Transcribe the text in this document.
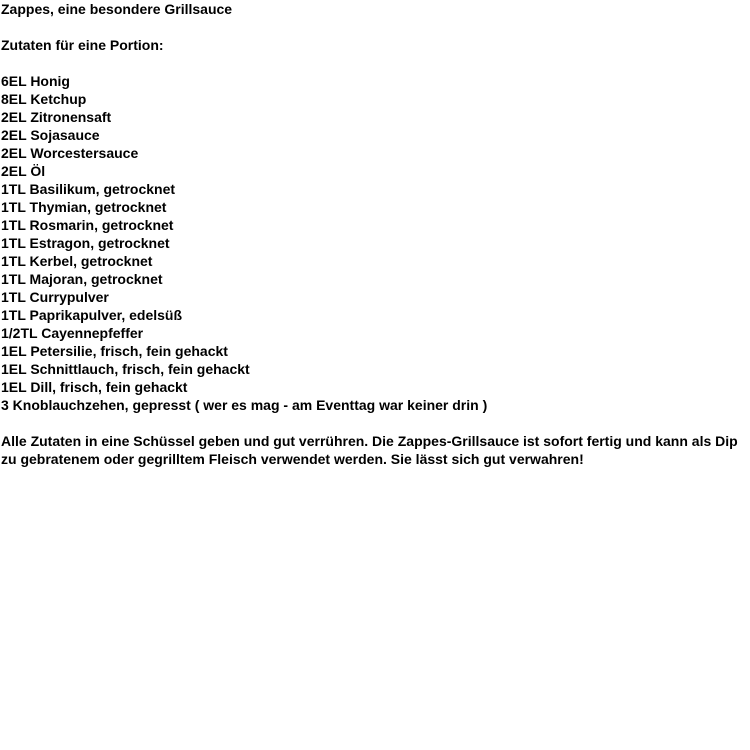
Zappes, eine besondere Grillsauce
Zutaten für eine Portion:
6EL Honig
8EL Ketchup
2EL Zitronensaft
2EL Sojasauce
2EL Worcestersauce
2EL Öl
1TL Basilikum, getrocknet
1TL Thymian, getrocknet
1TL Rosmarin, getrocknet
1TL Estragon, getrocknet
1TL Kerbel, getrocknet
1TL Majoran, getrocknet
1TL Currypulver
1TL Paprikapulver, edelsüß
1/2TL Cayennepfeffer
1EL Petersilie, frisch, fein gehackt
1EL Schnittlauch, frisch, fein gehackt
1EL Dill, frisch, fein gehackt
3 Knoblauchzehen, gepresst ( wer es mag - am Eventtag war keiner drin )
Alle Zutaten in eine Schüssel geben und gut verrühren. Die Zappes-Grillsauce ist sofort fertig und kann als Dip zu gebratenem oder gegrilltem Fleisch verwendet werden. Sie lässt sich gut verwahren!
